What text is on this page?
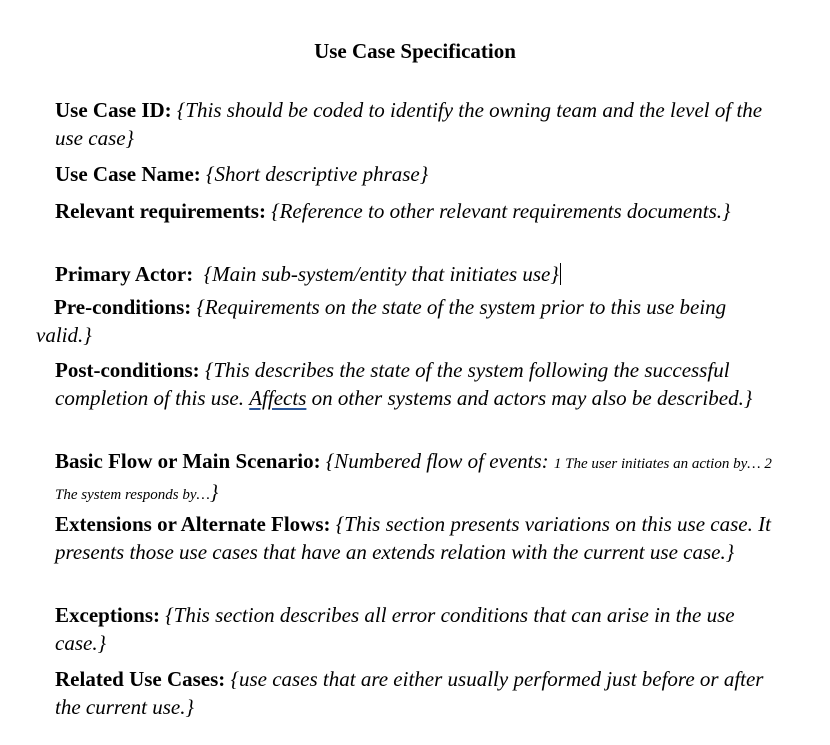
Use Case Specification
Use Case ID: {This should be coded to identify the owning team and the level of the use case}
Use Case Name: {Short descriptive phrase}
Relevant requirements: {Reference to other relevant requirements documents.}
Primary Actor:  {Main sub-system/entity that initiates use}
Pre-conditions: {Requirements on the state of the system prior to this use being valid.}
Post-conditions: {This describes the state of the system following the successful completion of this use. Affects on other systems and actors may also be described.}
Basic Flow or Main Scenario: {Numbered flow of events: 1 The user initiates an action by… 2 The system responds by…}
Extensions or Alternate Flows: {This section presents variations on this use case. It presents those use cases that have an extends relation with the current use case.}
Exceptions: {This section describes all error conditions that can arise in the use case.}
Related Use Cases: {use cases that are either usually performed just before or after the current use.}
